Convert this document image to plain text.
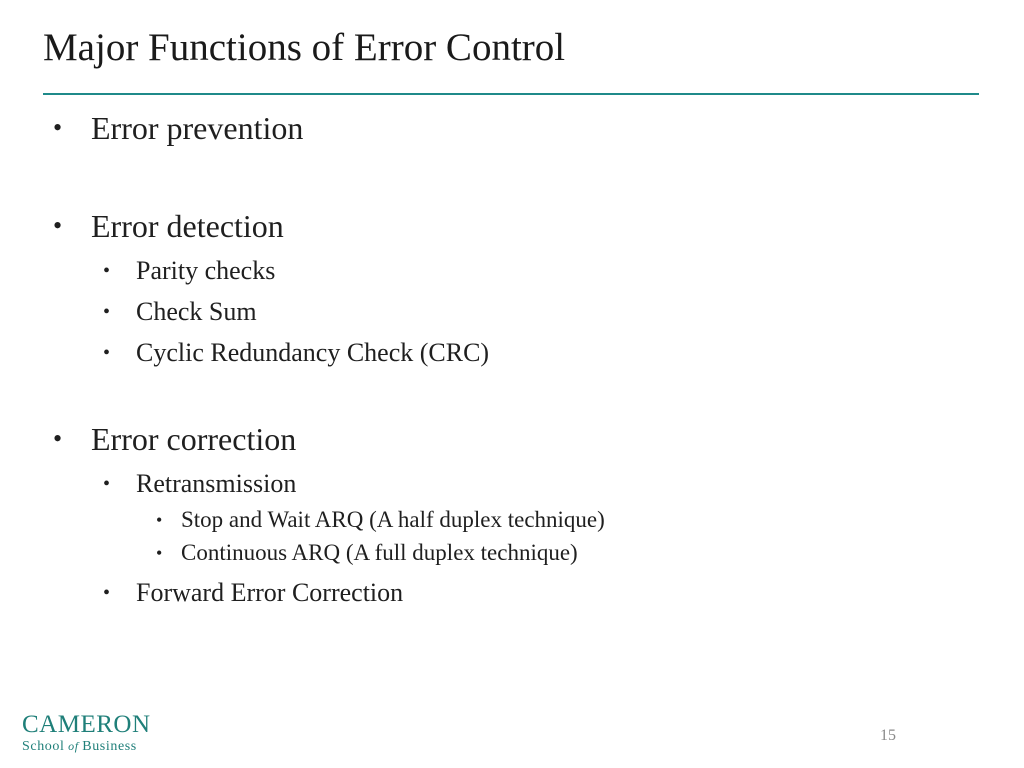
Major Functions of Error Control
• Error prevention
• Error detection
• Parity checks
• Check Sum
• Cyclic Redundancy Check (CRC)
• Error correction
• Retransmission
• Stop and Wait ARQ (A half duplex technique)
• Continuous ARQ (A full duplex technique)
• Forward Error Correction
CAMERON
School of Business
15
